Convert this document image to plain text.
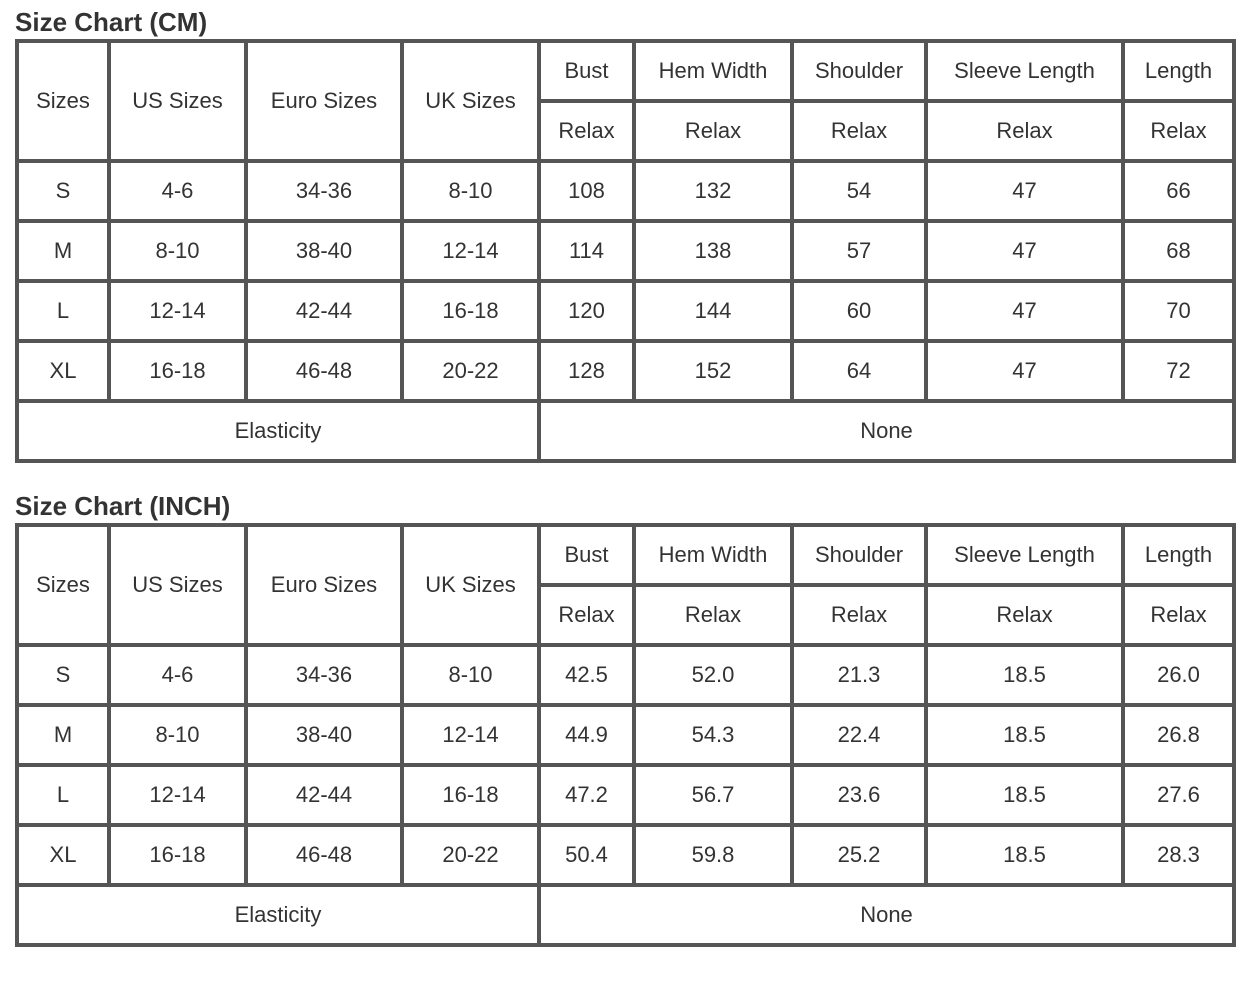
Size Chart (CM)
Sizes	US Sizes	Euro Sizes	UK Sizes	Bust	Hem Width	Shoulder	Sleeve Length	Length
				Relax	Relax	Relax	Relax	Relax
S	4-6	34-36	8-10	108	132	54	47	66
M	8-10	38-40	12-14	114	138	57	47	68
L	12-14	42-44	16-18	120	144	60	47	70
XL	16-18	46-48	20-22	128	152	64	47	72
Elasticity				None				
Size Chart (INCH)
Sizes	US Sizes	Euro Sizes	UK Sizes	Bust	Hem Width	Shoulder	Sleeve Length	Length
				Relax	Relax	Relax	Relax	Relax
S	4-6	34-36	8-10	42.5	52.0	21.3	18.5	26.0
M	8-10	38-40	12-14	44.9	54.3	22.4	18.5	26.8
L	12-14	42-44	16-18	47.2	56.7	23.6	18.5	27.6
XL	16-18	46-48	20-22	50.4	59.8	25.2	18.5	28.3
Elasticity				None				
